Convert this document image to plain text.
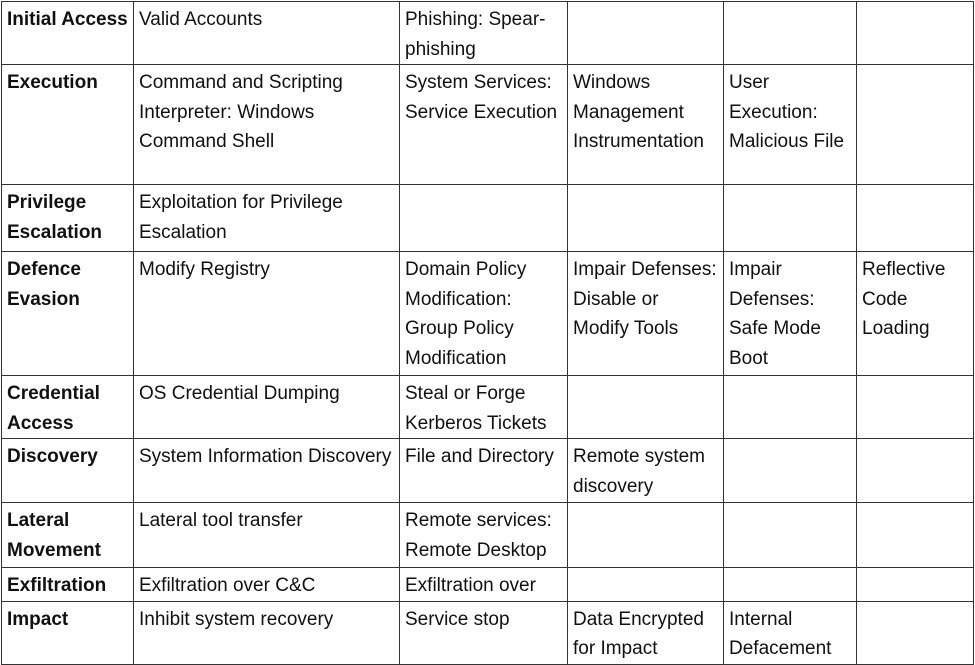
Initial Access	Valid Accounts	Phishing: Spear-phishing			
Execution	Command and Scripting Interpreter: Windows Command Shell	System Services: Service Execution	Windows Management Instrumentation	User Execution: Malicious File	
Privilege Escalation	Exploitation for Privilege Escalation				
Defence Evasion	Modify Registry	Domain Policy Modification: Group Policy Modification	Impair Defenses: Disable or Modify Tools	Impair Defenses: Safe Mode Boot	Reflective Code Loading
Credential Access	OS Credential Dumping	Steal or Forge Kerberos Tickets			
Discovery	System Information Discovery	File and Directory	Remote system discovery		
Lateral Movement	Lateral tool transfer	Remote services: Remote Desktop			
Exfiltration	Exfiltration over C&C	Exfiltration over			
Impact	Inhibit system recovery	Service stop	Data Encrypted for Impact	Internal Defacement	
